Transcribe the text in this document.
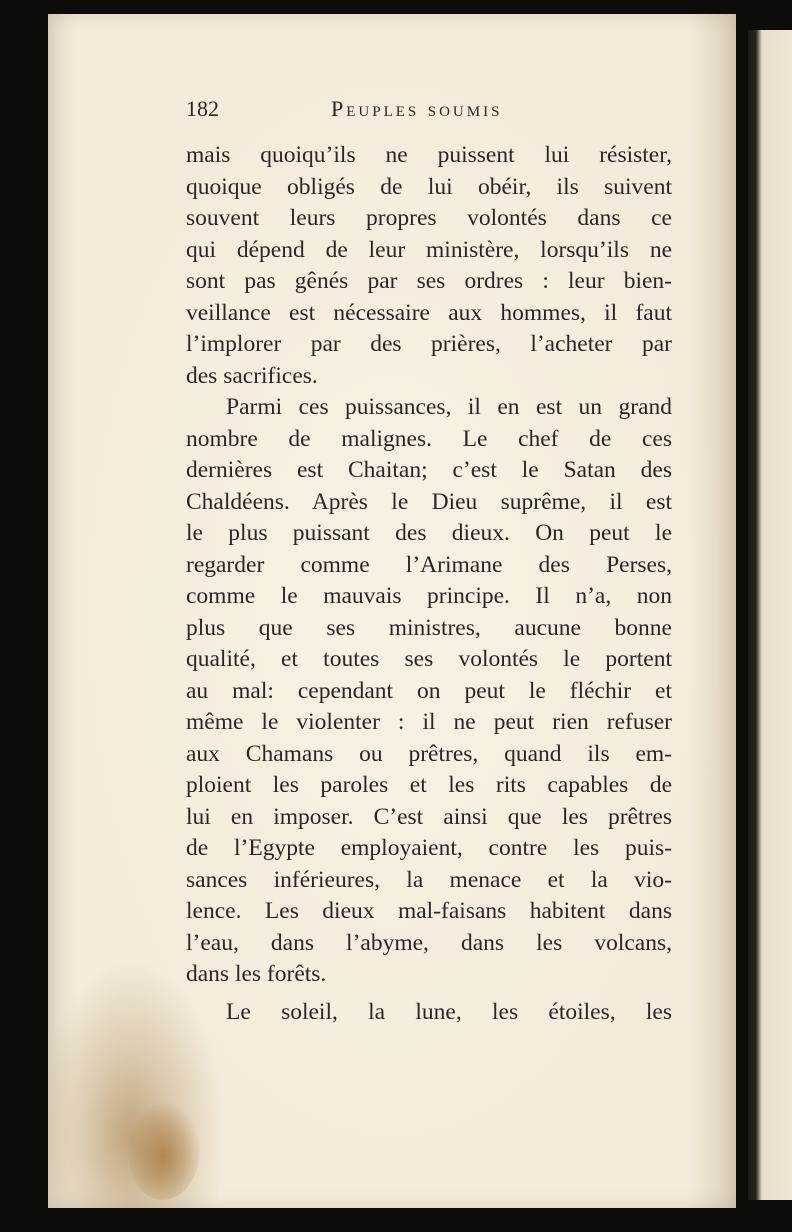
182	Peuples soumis
mais quoiqu’ils ne puissent lui résister,
quoique obligés de lui obéir, ils suivent
souvent leurs propres volontés dans ce
qui dépend de leur ministère, lorsqu’ils ne
sont pas gênés par ses ordres : leur bien-
veillance est nécessaire aux hommes, il faut
l’implorer par des prières, l’acheter par
des sacrifices.
Parmi ces puissances, il en est un grand
nombre de malignes. Le chef de ces
dernières est Chaitan; c’est le Satan des
Chaldéens. Après le Dieu suprême, il est
le plus puissant des dieux. On peut le
regarder comme l’Arimane des Perses,
comme le mauvais principe. Il n’a, non
plus que ses ministres, aucune bonne
qualité, et toutes ses volontés le portent
au mal: cependant on peut le fléchir et
même le violenter : il ne peut rien refuser
aux Chamans ou prêtres, quand ils em-
ploient les paroles et les rits capables de
lui en imposer. C’est ainsi que les prêtres
de l’Egypte employaient, contre les puis-
sances inférieures, la menace et la vio-
lence. Les dieux mal-faisans habitent dans
l’eau, dans l’abyme, dans les volcans,
dans les forêts.
Le soleil, la lune, les étoiles, les
